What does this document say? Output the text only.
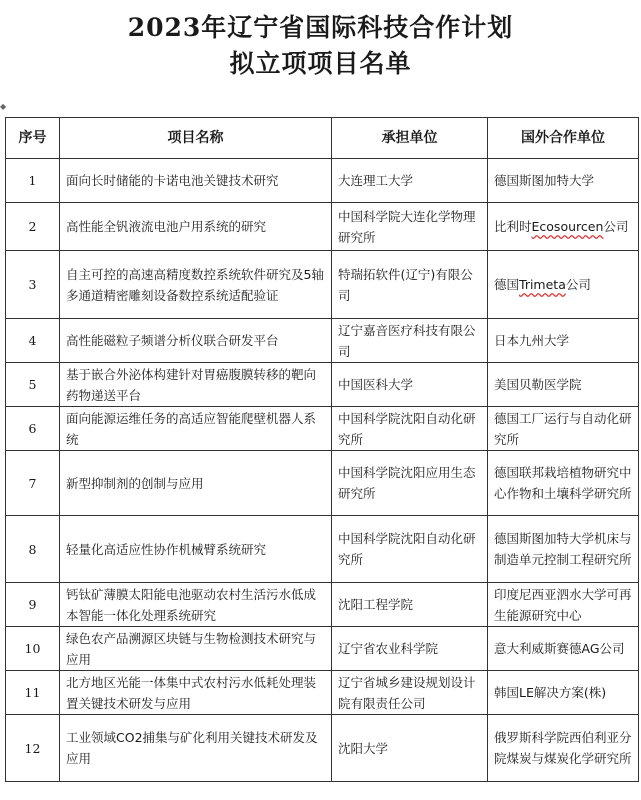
2023年辽宁省国际科技合作计划
拟立项项目名单
◆
序号	项目名称	承担单位	国外合作单位
1	面向长时储能的卡诺电池关键技术研究	大连理工大学	德国斯图加特大学
2	高性能全钒液流电池户用系统的研究	中国科学院大连化学物理研究所	比利时Ecosourcen公司
3	自主可控的高速高精度数控系统软件研究及5轴多通道精密雕刻设备数控系统适配验证	特瑞拓软件(辽宁)有限公司	德国Trimeta公司
4	高性能磁粒子频谱分析仪联合研发平台	辽宁嘉音医疗科技有限公司	日本九州大学
5	基于嵌合外泌体构建针对胃癌腹膜转移的靶向药物递送平台	中国医科大学	美国贝勒医学院
6	面向能源运维任务的高适应智能爬壁机器人系统	中国科学院沈阳自动化研究所	德国工厂运行与自动化研究所
7	新型抑制剂的创制与应用	中国科学院沈阳应用生态研究所	德国联邦栽培植物研究中心作物和土壤科学研究所
8	轻量化高适应性协作机械臂系统研究	中国科学院沈阳自动化研究所	德国斯图加特大学机床与制造单元控制工程研究所
9	钙钛矿薄膜太阳能电池驱动农村生活污水低成本智能一体化处理系统研究	沈阳工程学院	印度尼西亚泗水大学可再生能源研究中心
10	绿色农产品溯源区块链与生物检测技术研究与应用	辽宁省农业科学院	意大利威斯赛德AG公司
11	北方地区光能一体集中式农村污水低耗处理装置关键技术研发与应用	辽宁省城乡建设规划设计院有限责任公司	韩国LE解决方案(株)
12	工业领域CO2捕集与矿化利用关键技术研发及应用	沈阳大学	俄罗斯科学院西伯利亚分院煤炭与煤炭化学研究所
